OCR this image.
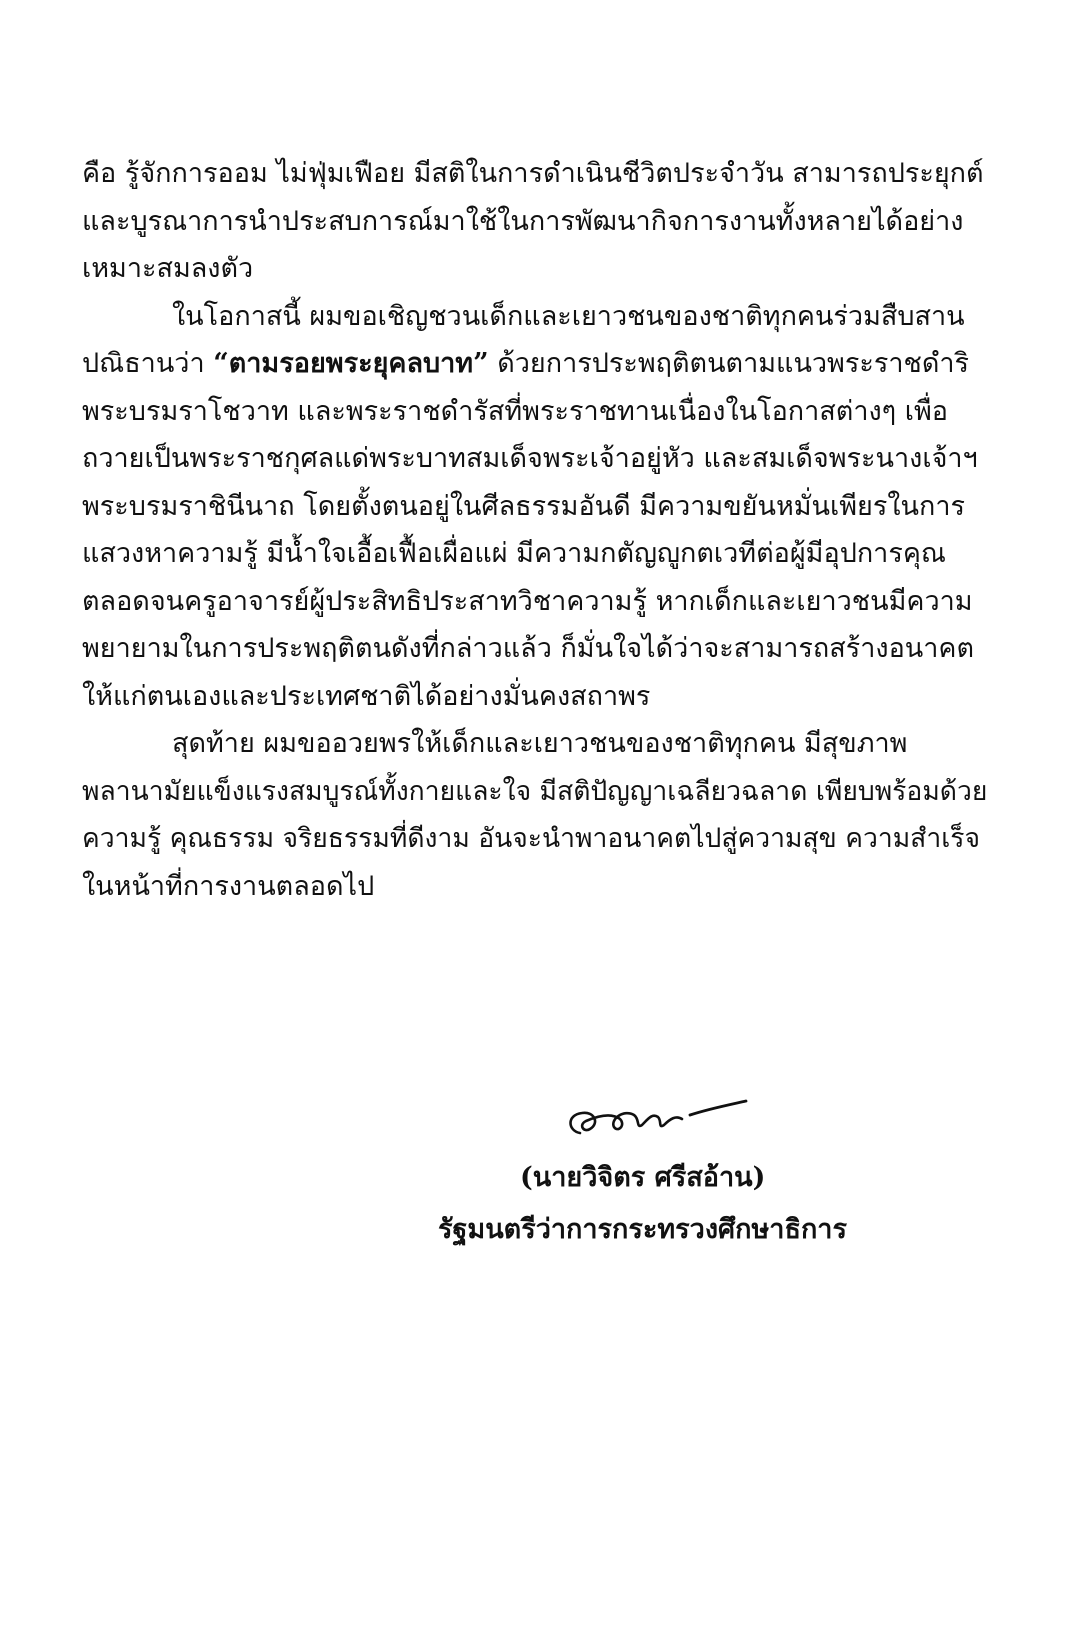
คือ รู้จักการออม ไม่ฟุ่มเฟือย มีสติในการดำเนินชีวิตประจำวัน สามารถประยุกต์
และบูรณาการนำประสบการณ์มาใช้ในการพัฒนากิจการงานทั้งหลายได้อย่าง
เหมาะสมลงตัว
ในโอกาสนี้ ผมขอเชิญชวนเด็กและเยาวชนของชาติทุกคนร่วมสืบสาน
ปณิธานว่า “ตามรอยพระยุคลบาท” ด้วยการประพฤติตนตามแนวพระราชดำริ
พระบรมราโชวาท และพระราชดำรัสที่พระราชทานเนื่องในโอกาสต่างๆ เพื่อ
ถวายเป็นพระราชกุศลแด่พระบาทสมเด็จพระเจ้าอยู่หัว และสมเด็จพระนางเจ้าฯ
พระบรมราชินีนาถ โดยตั้งตนอยู่ในศีลธรรมอันดี มีความขยันหมั่นเพียรในการ
แสวงหาความรู้ มีน้ำใจเอื้อเฟื้อเผื่อแผ่ มีความกตัญญูกตเวทีต่อผู้มีอุปการคุณ
ตลอดจนครูอาจารย์ผู้ประสิทธิประสาทวิชาความรู้ หากเด็กและเยาวชนมีความ
พยายามในการประพฤติตนดังที่กล่าวแล้ว ก็มั่นใจได้ว่าจะสามารถสร้างอนาคต
ให้แก่ตนเองและประเทศชาติได้อย่างมั่นคงสถาพร
สุดท้าย ผมขออวยพรให้เด็กและเยาวชนของชาติทุกคน มีสุขภาพ
พลานามัยแข็งแรงสมบูรณ์ทั้งกายและใจ มีสติปัญญาเฉลียวฉลาด เพียบพร้อมด้วย
ความรู้ คุณธรรม จริยธรรมที่ดีงาม อันจะนำพาอนาคตไปสู่ความสุข ความสำเร็จ
ในหน้าที่การงานตลอดไป
(นายวิจิตร ศรีสอ้าน)
รัฐมนตรีว่าการกระทรวงศึกษาธิการ
